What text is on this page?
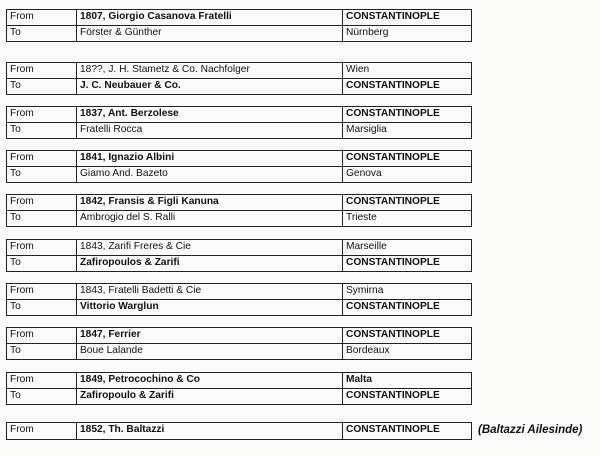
From	1807, Giorgio Casanova Fratelli	CONSTANTINOPLE
To	Förster & Günther	Nürnberg
From	18??, J. H. Stametz & Co. Nachfolger	Wien
To	J. C. Neubauer & Co.	CONSTANTINOPLE
From	1837, Ant. Berzolese	CONSTANTINOPLE
To	Fratelli Rocca	Marsiglia
From	1841, Ignazio Albini	CONSTANTINOPLE
To	Giamo And. Bazeto	Genova
From	1842, Fransis & Figli Kanuna	CONSTANTINOPLE
To	Ambrogio del S. Ralli	Trieste
From	1843, Zarifi Freres & Cie	Marseille
To	Zafiropoulos & Zarifi	CONSTANTINOPLE
From	1843, Fratelli Badetti & Cie	Symirna
To	Vittorio Warglun	CONSTANTINOPLE
From	1847, Ferrier	CONSTANTINOPLE
To	Boue Lalande	Bordeaux
From	1849, Petrocochino & Co	Malta
To	Zafiropoulo & Zarifi	CONSTANTINOPLE
From	1852, Th. Baltazzi	CONSTANTINOPLE	(Baltazzi Ailesinde)
